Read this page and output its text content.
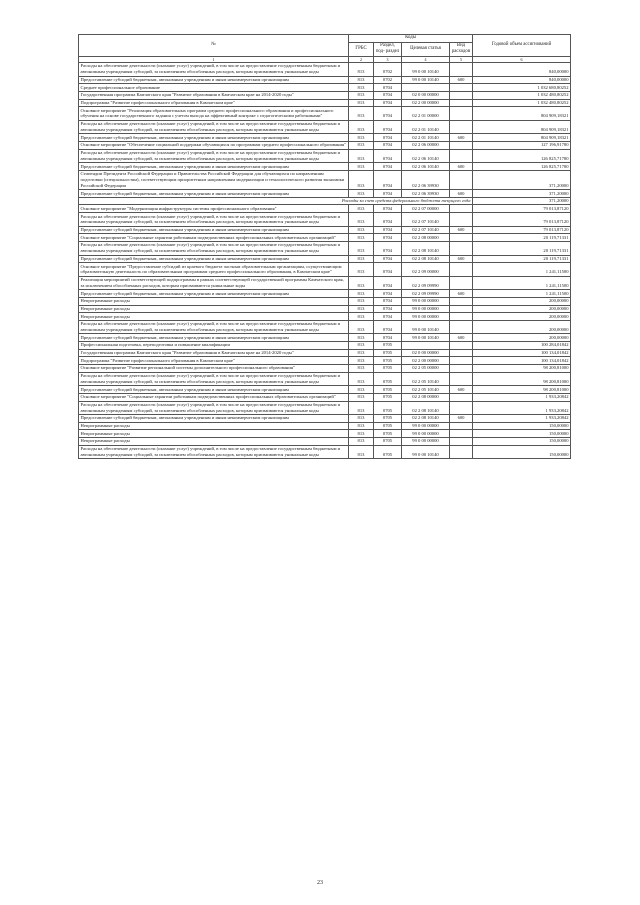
№	Коды				Годовой объем ассигнований
	ГРБС	Раздел, под- раздел	Целевая статья	Вид расходов	
1	2	3	4	5	6
Расходы на обеспечение деятельности (оказание услуг) учреждений, в том числе на предоставление государственным бюджетным и автономным учреждениям субсидий, за исключением обособленных расходов, которым присваиваются уникальные коды	813	0702	99 0 00 10140		840,00000
Предоставление субсидий бюджетным, автономным учреждениям и иным некоммерческим организациям	813	0702	99 0 00 10140	600	840,00000
Среднее профессиональное образование	813	0704			1 032 680,80252
Государственная программа Камчатского края "Развитие образования в Камчатском крае на 2014-2020 годы"	813	0704	02 0 00 00000		1 032 480,80252
Подпрограмма "Развитие профессионального образования в Камчатском крае"	813	0704	02 2 00 00000		1 032 480,80252
Основное мероприятие "Реализация образовательных программ среднего профессионального образования и профессионального обучения на основе государственного задания с учетом выхода на эффективный контракт с педагогическими работниками"	813	0704	02 2 01 00000		804 909,18321
Расходы на обеспечение деятельности (оказание услуг) учреждений, в том числе на предоставление государственным бюджетным и автономным учреждениям субсидий, за исключением обособленных расходов, которым присваиваются уникальные коды	813	0704	02 2 01 10140		804 909,18321
Предоставление субсидий бюджетным, автономным учреждениям и иным некоммерческим организациям	813	0704	02 2 01 10140	600	804 909,18321
Основное мероприятие "Обеспечение социальной поддержки обучающихся по программам среднего профессионального образования"	813	0704	02 2 06 00000		127 196,91780
Расходы на обеспечение деятельности (оказание услуг) учреждений, в том числе на предоставление государственным бюджетным и автономным учреждениям субсидий, за исключением обособленных расходов, которым присваиваются уникальные коды	813	0704	02 2 06 10140		126 825,71780
Предоставление субсидий бюджетным, автономным учреждениям и иным некоммерческим организациям	813	0704	02 2 06 10140	600	126 825,71780
Стипендии Президента Российской Федерации и Правительства Российской Федерации для обучающихся по направлениям подготовки (специальностям), соответствующим приоритетным направлениям модернизации и технологического развития экономики Российской Федерации	813	0704	02 2 06 39930		371,20000
Предоставление субсидий бюджетным, автономным учреждениям и иным некоммерческим организациям	813	0704	02 2 06 39930	600	371,20000
Расходы за счет средств федерального бюджета текущего года					371,20000
Основное мероприятие "Модернизация инфраструктуры системы профессионального образования"	813	0704	02 2 07 00000		79 013,87120
Расходы на обеспечение деятельности (оказание услуг) учреждений, в том числе на предоставление государственным бюджетным и автономным учреждениям субсидий, за исключением обособленных расходов, которым присваиваются уникальные коды	813	0704	02 2 07 10140		79 013,87120
Предоставление субсидий бюджетным, автономным учреждениям и иным некоммерческим организациям	813	0704	02 2 07 10140	600	79 013,87120
Основное мероприятие "Социальные гарантии работникам подведомственных профессиональных образовательных организаций"	813	0704	02 2 08 00000		20 119,71331
Расходы на обеспечение деятельности (оказание услуг) учреждений, в том числе на предоставление государственным бюджетным и автономным учреждениям субсидий, за исключением обособленных расходов, которым присваиваются уникальные коды	813	0704	02 2 08 10140		20 119,71331
Предоставление субсидий бюджетным, автономным учреждениям и иным некоммерческим организациям	813	0704	02 2 08 10140	600	20 119,71331
Основное мероприятие "Предоставление субсидий из краевого бюджета частным образовательным организациям, осуществляющим образовательную деятельность по образовательным программам среднего профессионального образования, в Камчатском крае"	813	0704	02 2 09 00000		1 241,11500
Реализация мероприятий соответствующей подпрограммы в рамках соответствующей государственной программы Камчатского края, за исключением обособленных расходов, которым присваиваются уникальные коды	813	0704	02 2 09 09990		1 241,11500
Предоставление субсидий бюджетным, автономным учреждениям и иным некоммерческим организациям	813	0704	02 2 09 09990	600	1 241,11500
Непрограммные расходы	813	0704	99 0 00 00000		200,00000
Непрограммные расходы	813	0704	99 0 00 00000		200,00000
Непрограммные расходы	813	0704	99 0 00 00000		200,00000
Расходы на обеспечение деятельности (оказание услуг) учреждений, в том числе на предоставление государственным бюджетным и автономным учреждениям субсидий, за исключением обособленных расходов, которым присваиваются уникальные коды	813	0704	99 0 00 10140		200,00000
Предоставление субсидий бюджетным, автономным учреждениям и иным некоммерческим организациям	813	0704	99 0 00 10140	600	200,00000
Профессиональная подготовка, переподготовка и повышение квалификации	813	0705			100 284,01842
Государственная программа Камчатского края "Развитие образования в Камчатском крае на 2014-2020 годы"	813	0705	02 0 00 00000		100 134,01842
Подпрограмма "Развитие профессионального образования в Камчатском крае"	813	0705	02 2 00 00000		100 134,01842
Основное мероприятие "Развитие региональной системы дополнительного профессионального образования"	813	0705	02 2 05 00000		98 200,81000
Расходы на обеспечение деятельности (оказание услуг) учреждений, в том числе на предоставление государственным бюджетным и автономным учреждениям субсидий, за исключением обособленных расходов, которым присваиваются уникальные коды	813	0705	02 2 05 10140		98 200,81000
Предоставление субсидий бюджетным, автономным учреждениям и иным некоммерческим организациям	813	0705	02 2 05 10140	600	98 200,81000
Основное мероприятие "Социальные гарантии работникам подведомственных профессиональных образовательных организаций"	813	0705	02 2 08 00000		1 933,20842
Расходы на обеспечение деятельности (оказание услуг) учреждений, в том числе на предоставление государственным бюджетным и автономным учреждениям субсидий, за исключением обособленных расходов, которым присваиваются уникальные коды	813	0705	02 2 08 10140		1 933,20842
Предоставление субсидий бюджетным, автономным учреждениям и иным некоммерческим организациям	813	0705	02 2 08 10140	600	1 933,20842
Непрограммные расходы	813	0705	99 0 00 00000		150,00000
Непрограммные расходы	813	0705	99 0 00 00000		150,00000
Непрограммные расходы	813	0705	99 0 00 00000		150,00000
Расходы на обеспечение деятельности (оказание услуг) учреждений, в том числе на предоставление государственным бюджетным и автономным учреждениям субсидий, за исключением обособленных расходов, которым присваиваются уникальные коды	813	0705	99 0 00 10140		150,00000
23
